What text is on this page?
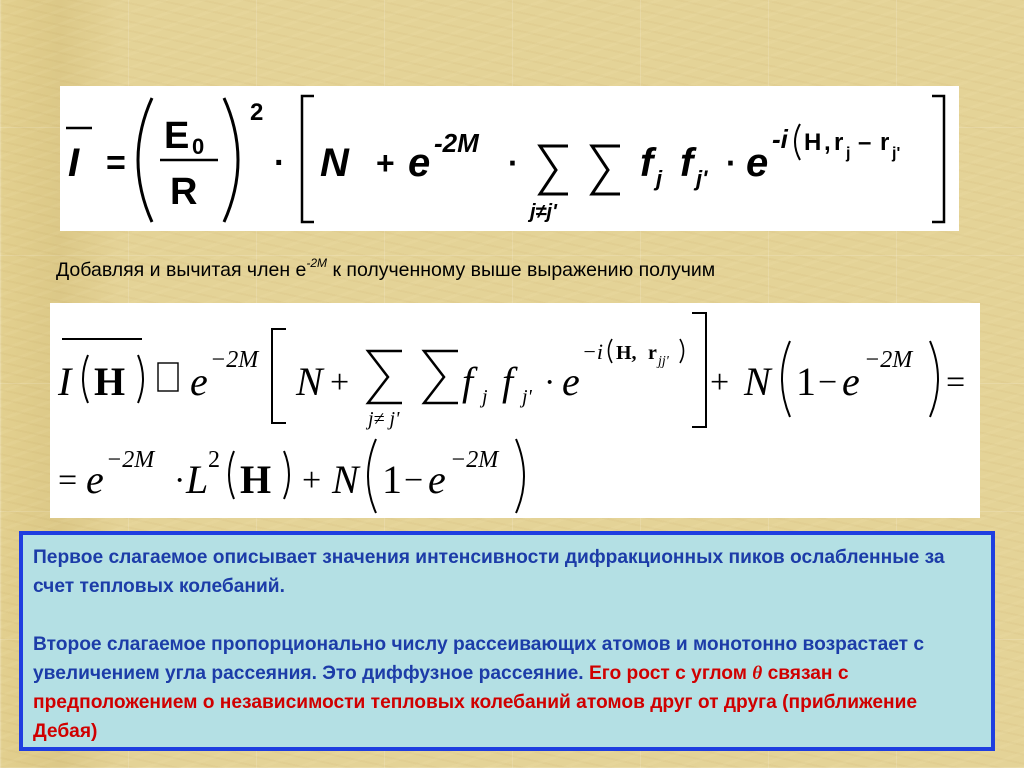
I =
E 0
R
2
· N + e -2M
·
j≠j'
f j f j' · e
-i H , r j – r j'
Добавляя и вычитая член $е^{-2M}$ к полученному выше выражению получим
I H e −2M N +
j≠ j'
f j f j' · e
−i H, r jj'
+ N 1 − e −2M
=
= e −2M
· L 2 H + N 1 − e −2M

Первое слагаемое описывает значения интенсивности дифракционных пиков ослабленные за счет тепловых колебаний.

Второе слагаемое пропорционально числу рассеивающих атомов и монотонно возрастает с увеличением угла рассеяния. Это диффузное рассеяние. Его рост с углом θ связан с предположением о независимости тепловых колебаний атомов друг от друга (приближение Дебая)
